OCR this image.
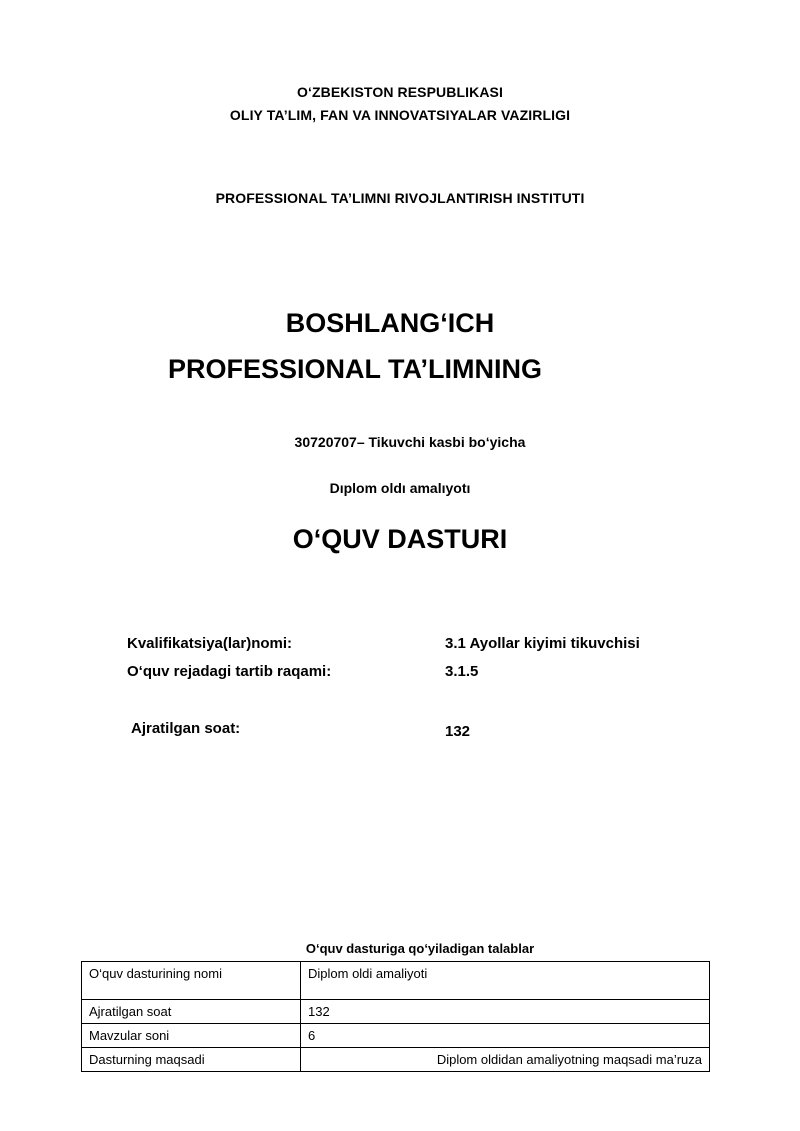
O‘ZBEKISTON RESPUBLIKASI
OLIY TA’LIM, FAN VA INNOVATSIYALAR VAZIRLIGI
PROFESSIONAL TA’LIMNI RIVOJLANTIRISH INSTITUTI
BOSHLANG‘ICH
PROFESSIONAL TA’LIMNING
30720707– Tikuvchi kasbi bo‘yicha
Dıplom oldı amalıyotı
O‘QUV DASTURI
Kvalifikatsiya(lar)nomi:	3.1 Ayollar kiyimi tikuvchisi
O‘quv rejadagi tartib raqami:	3.1.5
Ajratilgan soat:	132
O‘quv dasturiga qo‘yiladigan talablar
O‘quv dasturining nomi	Diplom oldi amaliyoti
Ajratilgan soat	132
Mavzular soni	6
Dasturning maqsadi	Diplom oldidan amaliyotning maqsadi ma’ruza
